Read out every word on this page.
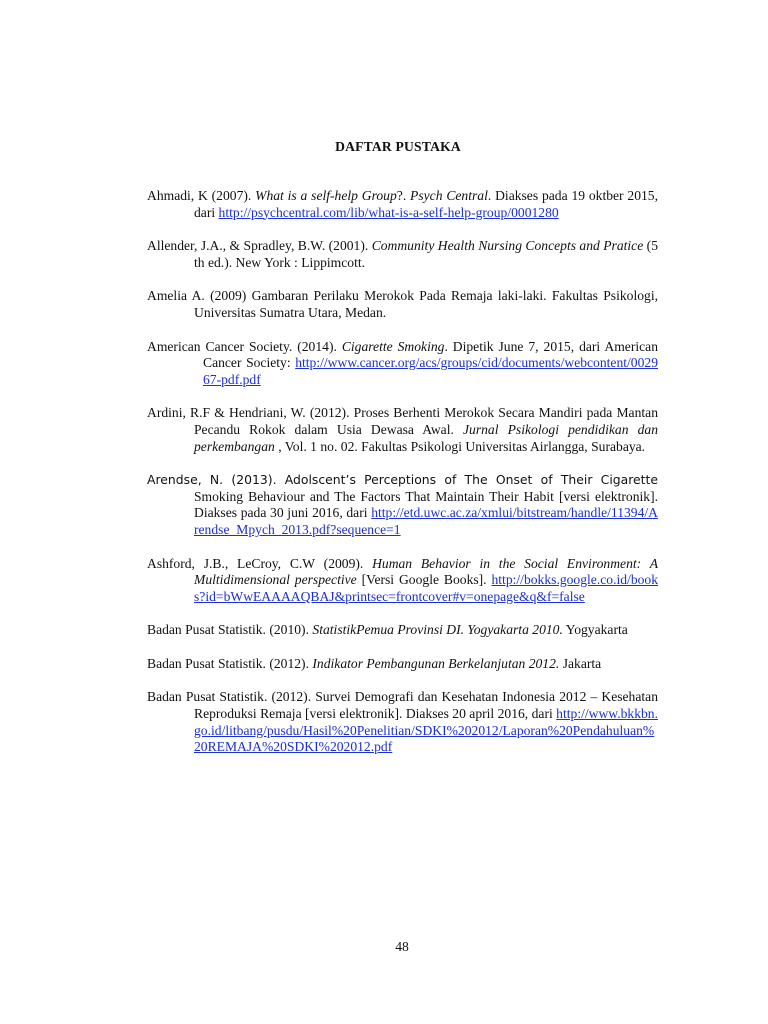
DAFTAR PUSTAKA
Ahmadi, K (2007). What is a self-help Group?. Psych Central. Diakses pada 19 oktber 2015, dari http://psychcentral.com/lib/what-is-a-self-help-group/0001280
Allender, J.A., & Spradley, B.W. (2001). Community Health Nursing Concepts and Pratice (5 th ed.). New York : Lippimcott.
Amelia A. (2009) Gambaran Perilaku Merokok Pada Remaja laki-laki. Fakultas Psikologi, Universitas Sumatra Utara, Medan.
American Cancer Society. (2014). Cigarette Smoking. Dipetik June 7, 2015, dari American Cancer Society: http://www.cancer.org/acs/groups/cid/documents/webcontent/002967-pdf.pdf
Ardini, R.F & Hendriani, W. (2012). Proses Berhenti Merokok Secara Mandiri pada Mantan Pecandu Rokok dalam Usia Dewasa Awal. Jurnal Psikologi pendidikan dan perkembangan , Vol. 1 no. 02. Fakultas Psikologi Universitas Airlangga, Surabaya.
Arendse, N. (2013). Adolscent’s Perceptions of The Onset of Their Cigarette Smoking Behaviour and The Factors That Maintain Their Habit [versi elektronik]. Diakses pada 30 juni 2016, dari http://etd.uwc.ac.za/xmlui/bitstream/handle/11394/Arendse_Mpych_2013.pdf?sequence=1
Ashford, J.B., LeCroy, C.W (2009). Human Behavior in the Social Environment: A Multidimensional perspective [Versi Google Books]. http://bokks.google.co.id/books?id=bWwEAAAAQBAJ&printsec=frontcover#v=onepage&q&f=false
Badan Pusat Statistik. (2010). StatistikPemua Provinsi DI. Yogyakarta 2010. Yogyakarta
Badan Pusat Statistik. (2012). Indikator Pembangunan Berkelanjutan 2012. Jakarta
Badan Pusat Statistik. (2012). Survei Demografi dan Kesehatan Indonesia 2012 – Kesehatan Reproduksi Remaja [versi elektronik]. Diakses 20 april 2016, dari http://www.bkkbn.go.id/litbang/pusdu/Hasil%20Penelitian/SDKI%202012/Laporan%20Pendahuluan%20REMAJA%20SDKI%202012.pdf
48
